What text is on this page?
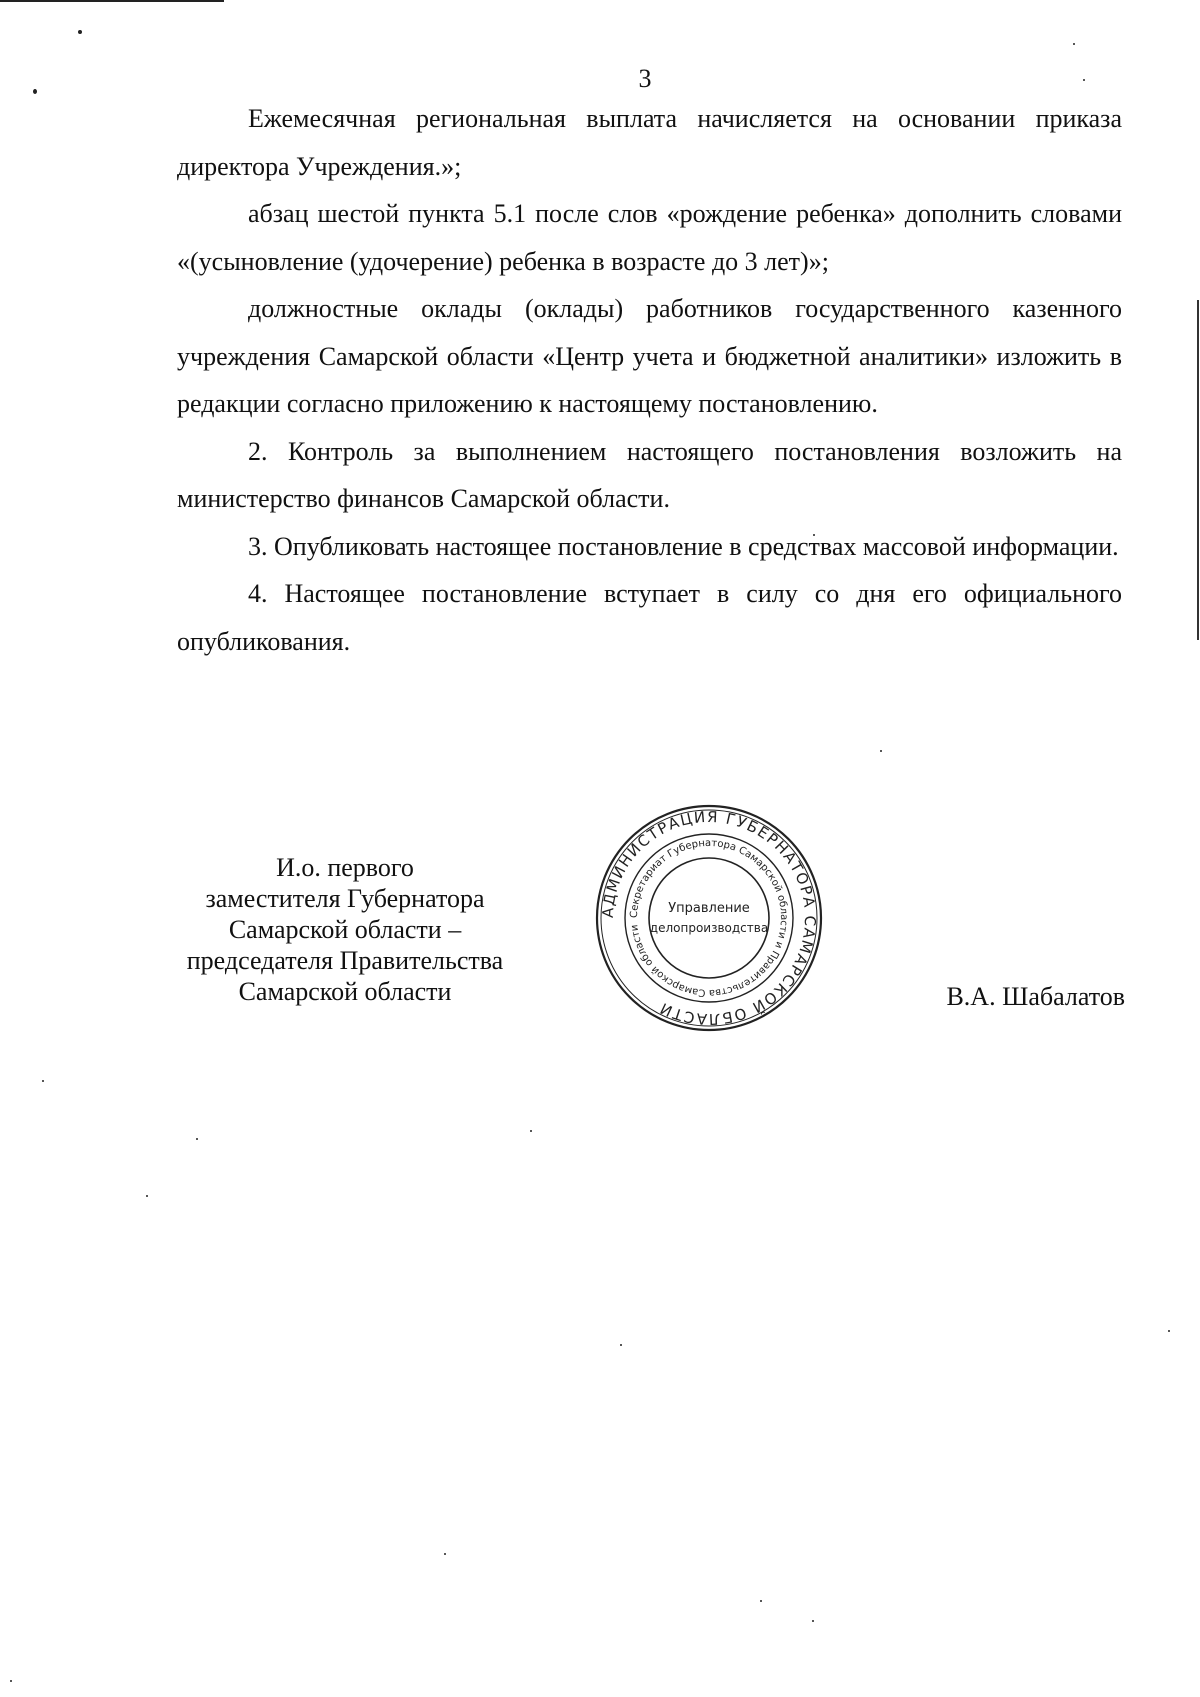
3

Ежемесячная региональная выплата начисляется на основании приказа директора Учреждения.»;

абзац шестой пункта 5.1 после слов «рождение ребенка» дополнить словами «(усыновление (удочерение) ребенка в возрасте до 3 лет)»;

должностные оклады (оклады) работников государственного казенного учреждения Самарской области «Центр учета и бюджетной аналитики» изложить в редакции согласно приложению к настоящему постановлению.

2. Контроль за выполнением настоящего постановления возложить на министерство финансов Самарской области.

3. Опубликовать настоящее постановление в средствах массовой информации.

4. Настоящее постановление вступает в силу со дня его официального опубликования.

И.о. первого
заместителя Губернатора
Самарской области –
председателя Правительства
Самарской области
АДМИНИСТРАЦИЯ ГУБЕРНАТОРА САМАРСКОЙ ОБЛАСТИ
Секретариат Губернатора Самарской области и Правительства Самарской области
Управление
делопроизводства
В.А. Шабалатов
